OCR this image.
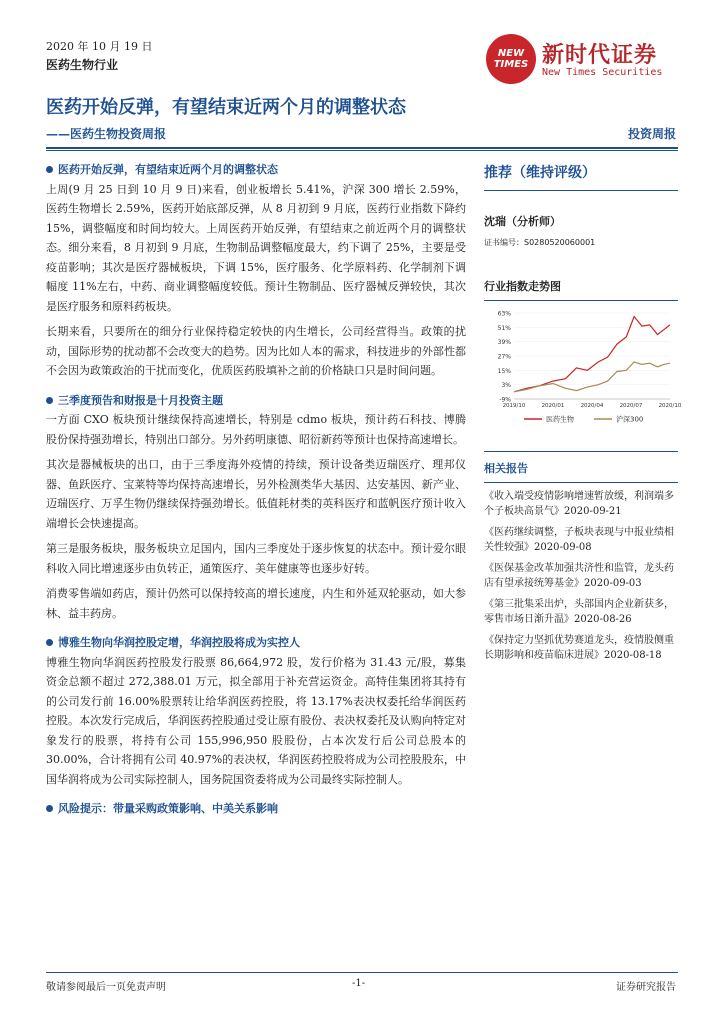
2020 年 10 月 19 日
医药生物行业
NEW
TIMES 新时代证券
New Times Securities
医药开始反弹，有望结束近两个月的调整状态
——医药生物投资周报	投资周报
医药开始反弹，有望结束近两个月的调整状态
上周(9 月 25 日到 10 月 9 日)来看，创业板增长 5.41%，沪深 300 增长 2.59%，医药生物增长 2.59%，医药开始底部反弹，从 8 月初到 9 月底，医药行业指数下降约 15%，调整幅度和时间均较大。上周医药开始反弹，有望结束之前近两个月的调整状态。细分来看，8 月初到 9 月底，生物制品调整幅度最大，约下调了 25%，主要是受疫苗影响；其次是医疗器械板块，下调 15%，医疗服务、化学原料药、化学制剂下调幅度 11%左右，中药、商业调整幅度较低。预计生物制品、医疗器械反弹较快，其次是医疗服务和原料药板块。
长期来看，只要所在的细分行业保持稳定较快的内生增长，公司经营得当。政策的扰动，国际形势的扰动都不会改变大的趋势。因为比如人本的需求，科技进步的外部性都不会因为政策政治的干扰而变化，优质医药股填补之前的价格缺口只是时间问题。
三季度预告和财报是十月投资主题
一方面 CXO 板块预计继续保持高速增长，特别是 cdmo 板块，预计药石科技、博腾股份保持强劲增长，特别出口部分。另外药明康德、昭衍新药等预计也保持高速增长。
其次是器械板块的出口，由于三季度海外疫情的持续，预计设备类迈瑞医疗、理邦仪器、鱼跃医疗、宝莱特等均保持高速增长，另外检测类华大基因、达安基因、新产业、迈瑞医疗、万孚生物仍继续保持强劲增长。低值耗材类的英科医疗和蓝帆医疗预计收入端增长会快速提高。
第三是服务板块，服务板块立足国内，国内三季度处于逐步恢复的状态中。预计爱尔眼科收入同比增速逐步由负转正，通策医疗、美年健康等也逐步好转。
消费零售端如药店，预计仍然可以保持较高的增长速度，内生和外延双轮驱动，如大参林、益丰药房。
博雅生物向华润控股定增，华润控股将成为实控人
博雅生物向华润医药控股发行股票 86,664,972 股，发行价格为 31.43 元/股，募集资金总额不超过 272,388.01 万元，拟全部用于补充营运资金。高特佳集团将其持有的公司发行前 16.00%股票转让给华润医药控股，将 13.17%表决权委托给华润医药控股。本次发行完成后，华润医药控股通过受让原有股份、表决权委托及认购向特定对象发行的股票，将持有公司 155,996,950 股股份，占本次发行后公司总股本的 30.00%，合计将拥有公司 40.97%的表决权，华润医药控股将成为公司控股股东，中国华润将成为公司实际控制人，国务院国资委将成为公司最终实际控制人。
风险提示：带量采购政策影响、中美关系影响
推荐（维持评级）
沈瑞（分析师）
证书编号：S0280520060001
行业指数走势图
63%
51%
39%
27%
15%
3%
-9%
2019/10	2020/01	2020/04	2020/07	2020/10
医药生物	沪深300
相关报告
《收入端受疫情影响增速暂放缓，利润端多个子板块高景气》2020-09-21
《医药继续调整，子板块表现与中报业绩相关性较强》2020-09-08
《医保基金改革加强共济性和监管，龙头药店有望承接统筹基金》2020-09-03
《第三批集采出炉，头部国内企业新获多，零售市场日渐升温》2020-08-26
《保持定力坚抓优势赛道龙头，疫情股侧重长期影响和疫苗临床进展》2020-08-18
敬请参阅最后一页免责声明	-1-	证券研究报告
